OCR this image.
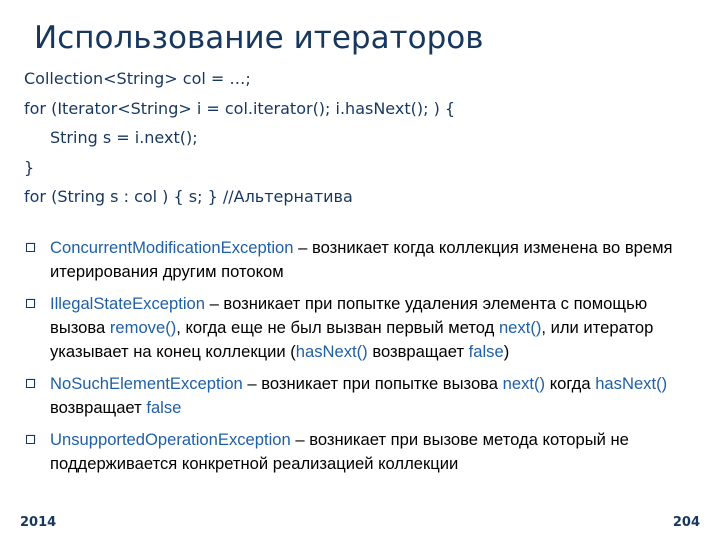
Использование итераторов
Collection<String> col = …;
for (Iterator<String> i = col.iterator(); i.hasNext(); ) {
String s = i.next();
}
for (String s : col ) { s; } //Альтернатива
ConcurrentModificationException – возникает когда коллекция изменена во время итерирования другим потоком
IllegalStateException – возникает при попытке удаления элемента с помощью вызова remove(), когда еще не был вызван первый метод next(), или итератор указывает на конец коллекции (hasNext() возвращает false)
NoSuchElementException – возникает при попытке вызова next() когда hasNext() возвращает false
UnsupportedOperationException – возникает при вызове метода который не поддерживается конкретной реализацией коллекции
2014	204
